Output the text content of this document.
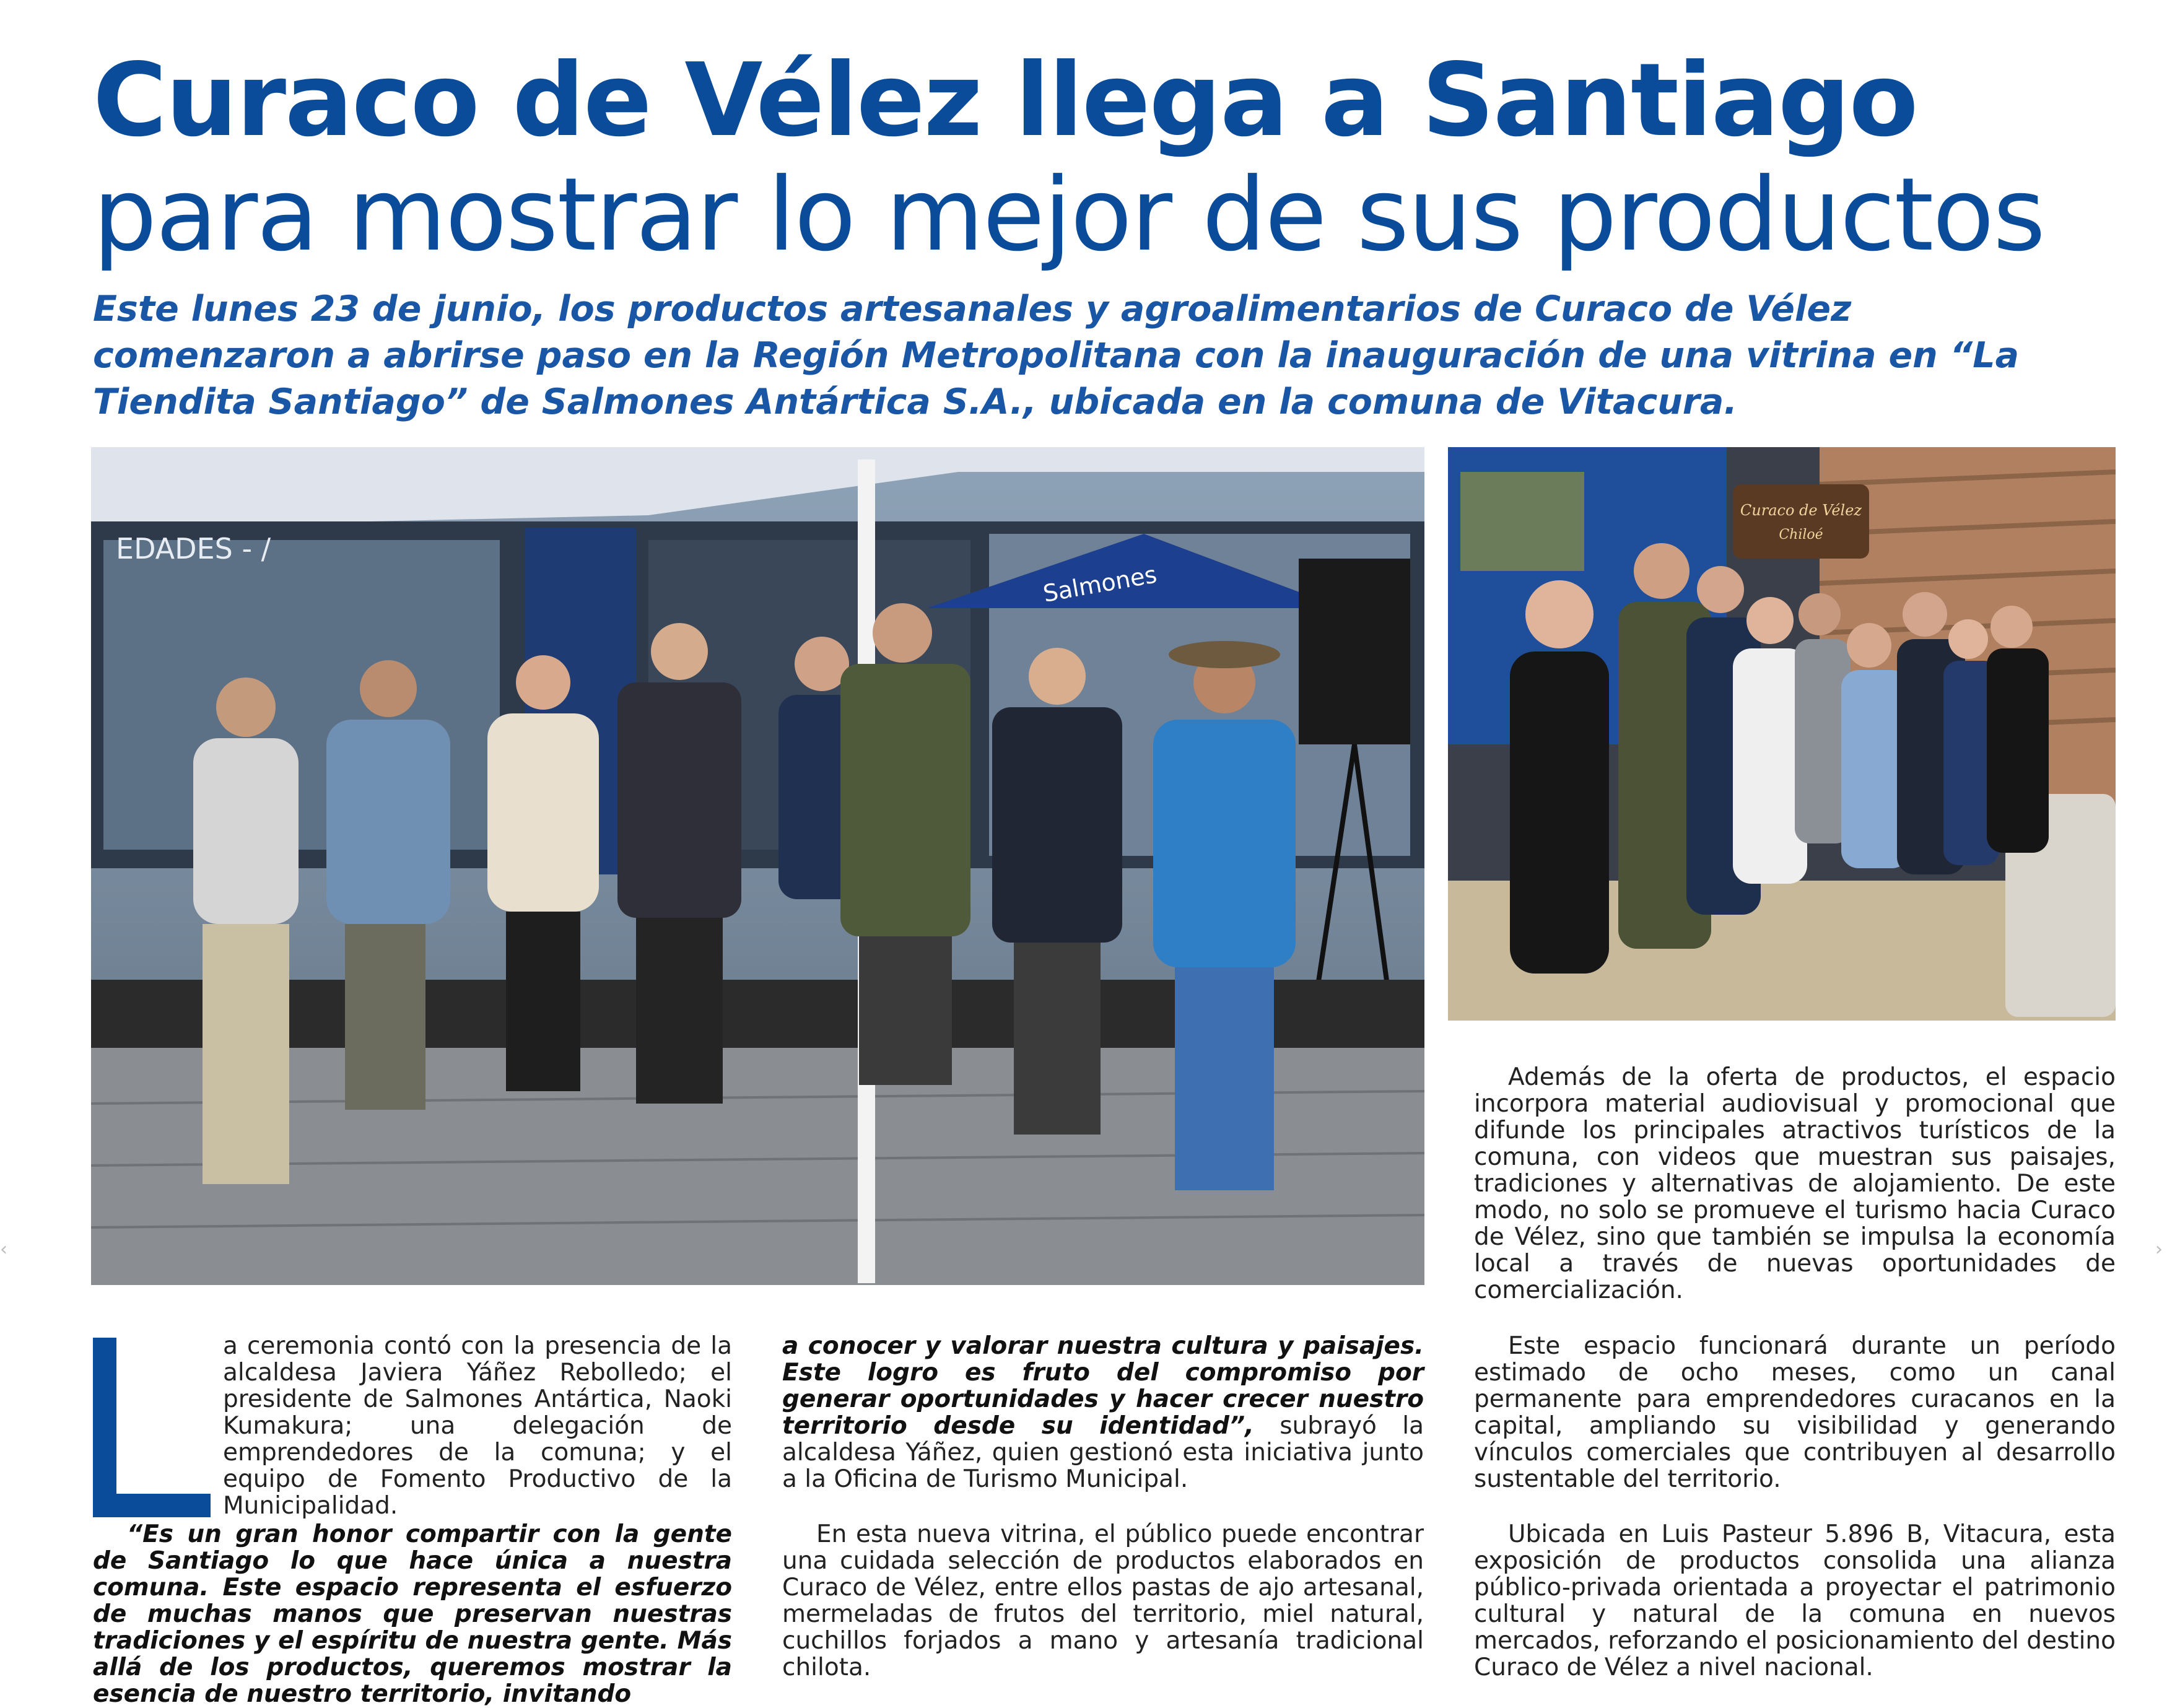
Curaco de Vélez llega a Santiago para mostrar lo mejor de sus productos

Este lunes 23 de junio, los productos artesanales y agroalimentarios de Curaco de Vélez comenzaron a abrirse paso en la Región Metropolitana con la inauguración de una vitrina en “La Tiendita Santiago” de Salmones Antártica S.A., ubicada en la comuna de Vitacura.

EDADES - /
Salmones
Curaco de Vélez
Chiloé

a ceremonia contó con la presencia de la alcaldesa Javiera Yáñez Rebolledo; el presidente de Salmones Antártica, Naoki Kumakura; una delegación de emprendedores de la comuna; y el equipo de Fomento Productivo de la Municipalidad.

“Es un gran honor compartir con la gente de Santiago lo que hace única a nuestra comuna. Este espacio representa el esfuerzo de muchas manos que preservan nuestras tradiciones y el espíritu de nuestra gente. Más allá de los productos, queremos mostrar la esencia de nuestro territorio, invitando

a conocer y valorar nuestra cultura y paisajes. Este logro es fruto del compromiso por generar oportunidades y hacer crecer nuestro territorio desde su identidad”, subrayó la alcaldesa Yáñez, quien gestionó esta iniciativa junto a la Oficina de Turismo Municipal.

En esta nueva vitrina, el público puede encontrar una cuidada selección de productos elaborados en Curaco de Vélez, entre ellos pastas de ajo artesanal, mermeladas de frutos del territorio, miel natural, cuchillos forjados a mano y artesanía tradicional chilota.

Además de la oferta de productos, el espacio incorpora material audiovisual y promocional que difunde los principales atractivos turísticos de la comuna, con videos que muestran sus paisajes, tradiciones y alternativas de alojamiento. De este modo, no solo se promueve el turismo hacia Curaco de Vélez, sino que también se impulsa la economía local a través de nuevas oportunidades de comercialización.

Este espacio funcionará durante un período estimado de ocho meses, como un canal permanente para emprendedores curacanos en la capital, ampliando su visibilidad y generando vínculos comerciales que contribuyen al desarrollo sustentable del territorio.

Ubicada en Luis Pasteur 5.896 B, Vitacura, esta exposición de productos consolida una alianza público-privada orientada a proyectar el patrimonio cultural y natural de la comuna en nuevos mercados, reforzando el posicionamiento del destino Curaco de Vélez a nivel nacional.

‹	›
